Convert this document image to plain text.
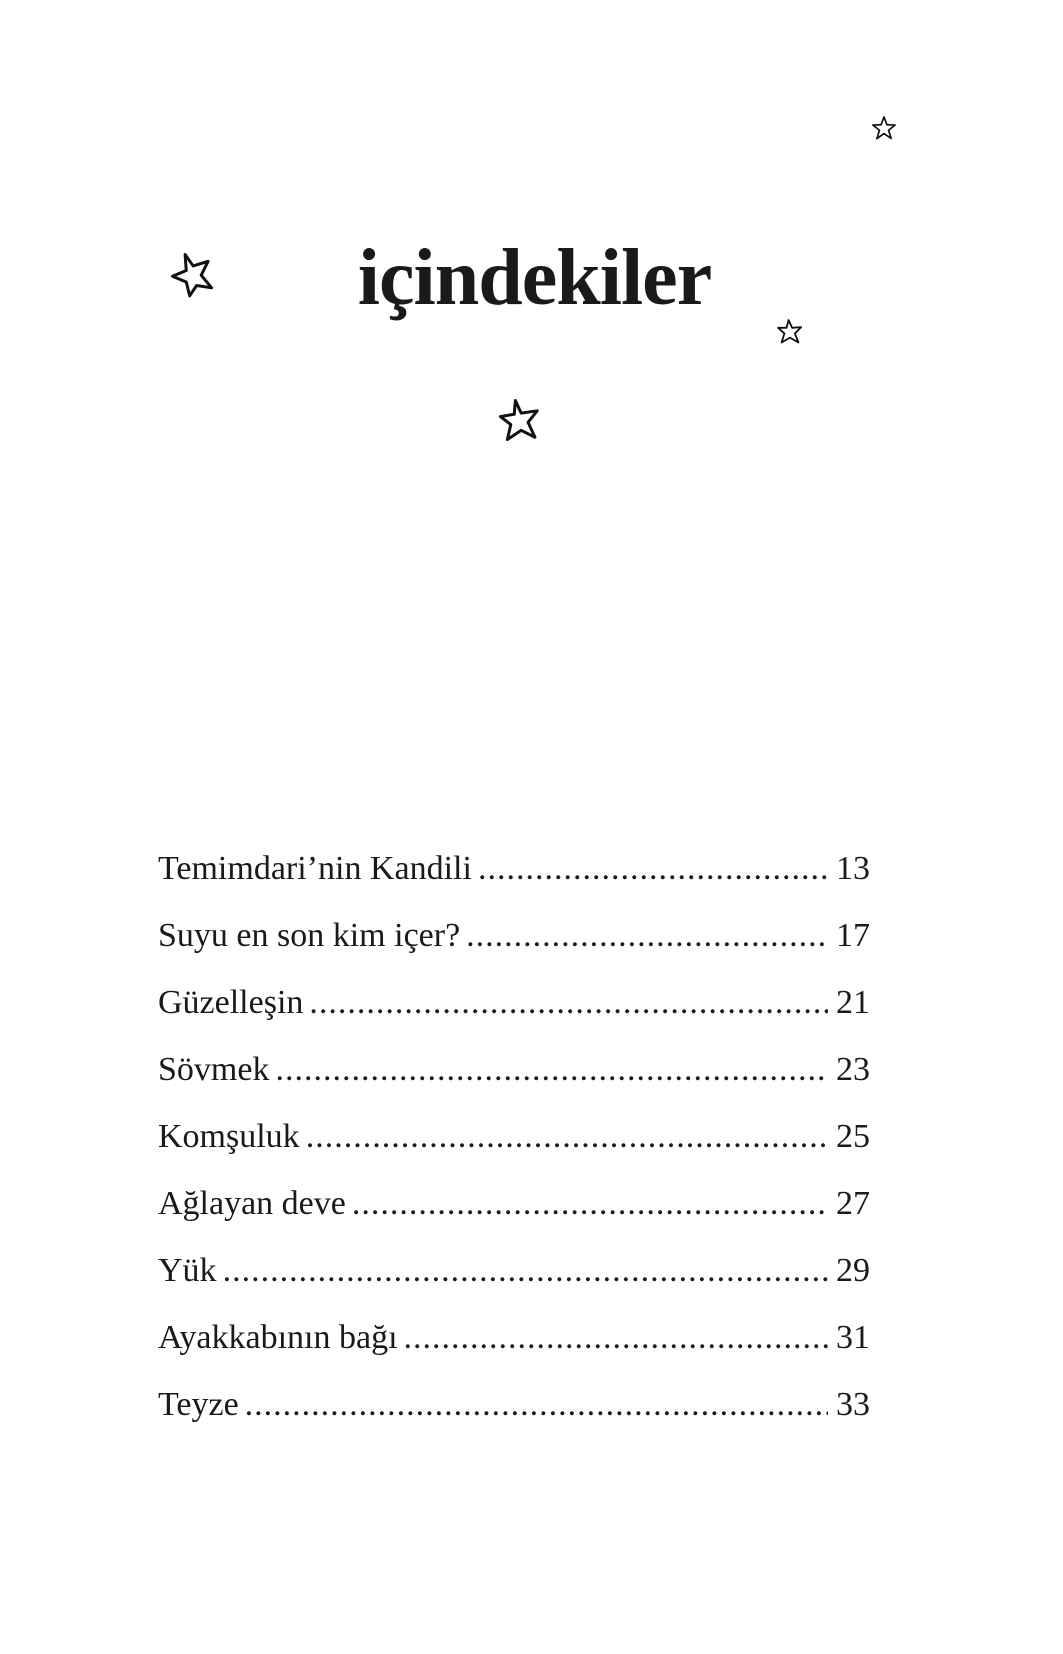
içindekiler
Temimdari’nin Kandili .....	13
Suyu en son kim içer? .....	17
Güzelleşin .....	21
Sövmek .....	23
Komşuluk .....	25
Ağlayan deve .....	27
Yük .....	29
Ayakkabının bağı .....	31
Teyze .....	33
